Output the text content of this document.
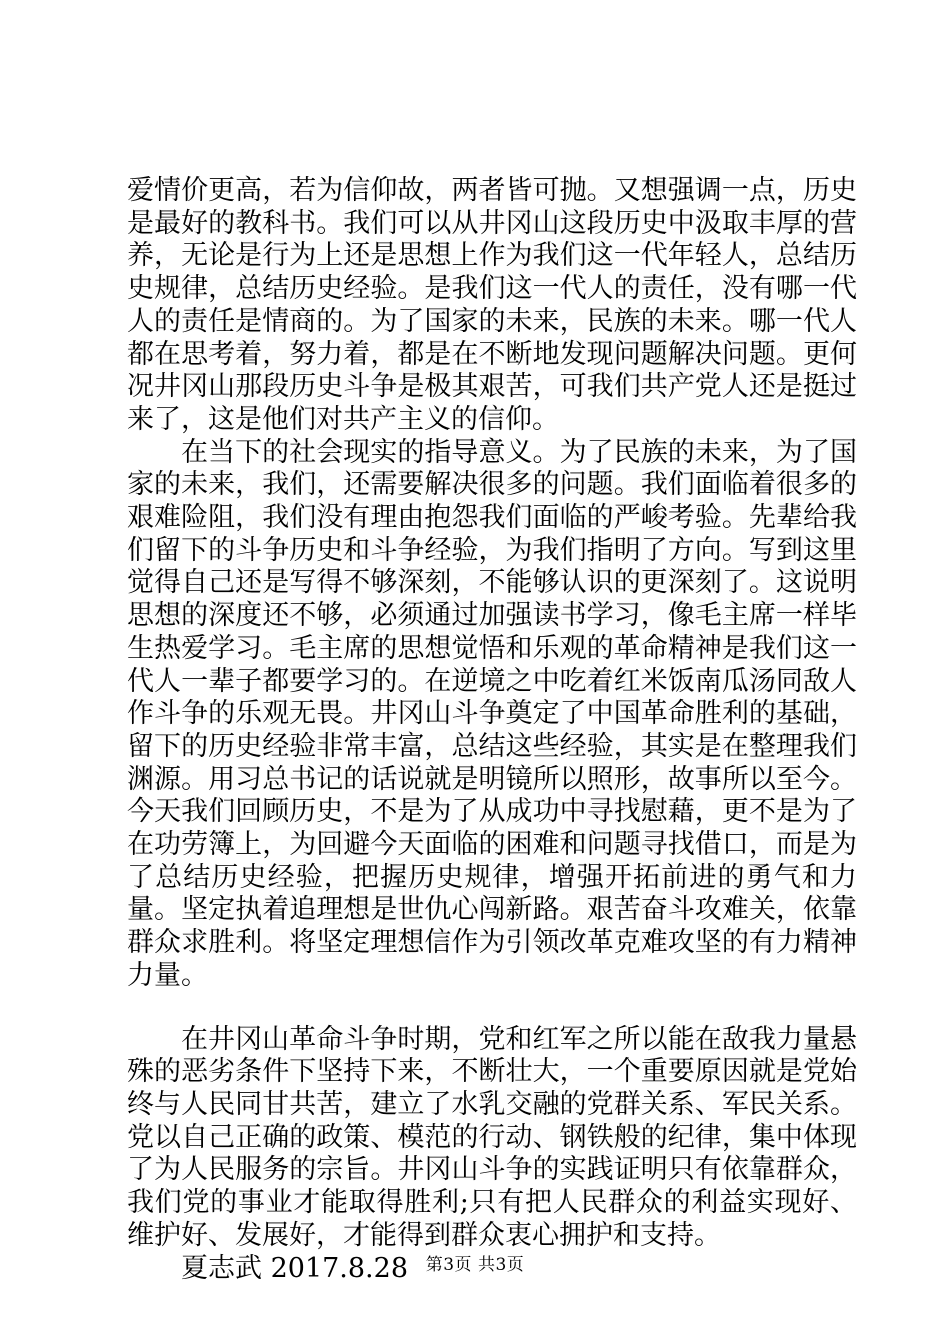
爱情价更高，若为信仰故，两者皆可抛。又想强调一点，历史是最好的教科书。我们可以从井冈山这段历史中汲取丰厚的营养，无论是行为上还是思想上作为我们这一代年轻人，总结历史规律，总结历史经验。是我们这一代人的责任，没有哪一代人的责任是情商的。为了国家的未来，民族的未来。哪一代人都在思考着，努力着，都是在不断地发现问题解决问题。更何况井冈山那段历史斗争是极其艰苦，可我们共产党人还是挺过来了，这是他们对共产主义的信仰。

在当下的社会现实的指导意义。为了民族的未来，为了国家的未来，我们，还需要解决很多的问题。我们面临着很多的艰难险阻，我们没有理由抱怨我们面临的严峻考验。先辈给我们留下的斗争历史和斗争经验，为我们指明了方向。写到这里觉得自己还是写得不够深刻，不能够认识的更深刻了。这说明思想的深度还不够，必须通过加强读书学习，像毛主席一样毕生热爱学习。毛主席的思想觉悟和乐观的革命精神是我们这一代人一辈子都要学习的。在逆境之中吃着红米饭南瓜汤同敌人作斗争的乐观无畏。井冈山斗争奠定了中国革命胜利的基础，留下的历史经验非常丰富，总结这些经验，其实是在整理我们渊源。用习总书记的话说就是明镜所以照形，故事所以至今。今天我们回顾历史，不是为了从成功中寻找慰藉，更不是为了在功劳簿上，为回避今天面临的困难和问题寻找借口，而是为了总结历史经验，把握历史规律，增强开拓前进的勇气和力量。坚定执着追理想是世仇心闯新路。艰苦奋斗攻难关，依靠群众求胜利。将坚定理想信作为引领改革克难攻坚的有力精神力量。

在井冈山革命斗争时期，党和红军之所以能在敌我力量悬殊的恶劣条件下坚持下来，不断壮大，一个重要原因就是党始终与人民同甘共苦，建立了水乳交融的党群关系、军民关系。党以自己正确的政策、模范的行动、钢铁般的纪律，集中体现了为人民服务的宗旨。井冈山斗争的实践证明只有依靠群众，我们党的事业才能取得胜利;只有把人民群众的利益实现好、维护好、发展好，才能得到群众衷心拥护和支持。

夏志武 2017.8.28	第3页 共3页
